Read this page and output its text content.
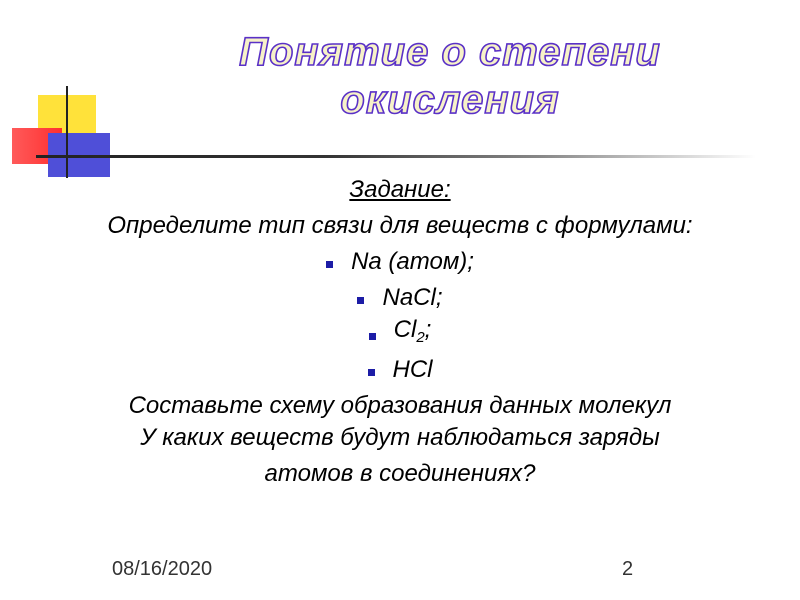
Понятие о степени
окисления
Задание:
Определите тип связи для веществ с формулами:
Na (атом);
NaCl;
$Cl_2$;
HCl
Составьте схему образования данных молекул
У каких веществ будут наблюдаться заряды
атомов в соединениях?
08/16/2020	2
